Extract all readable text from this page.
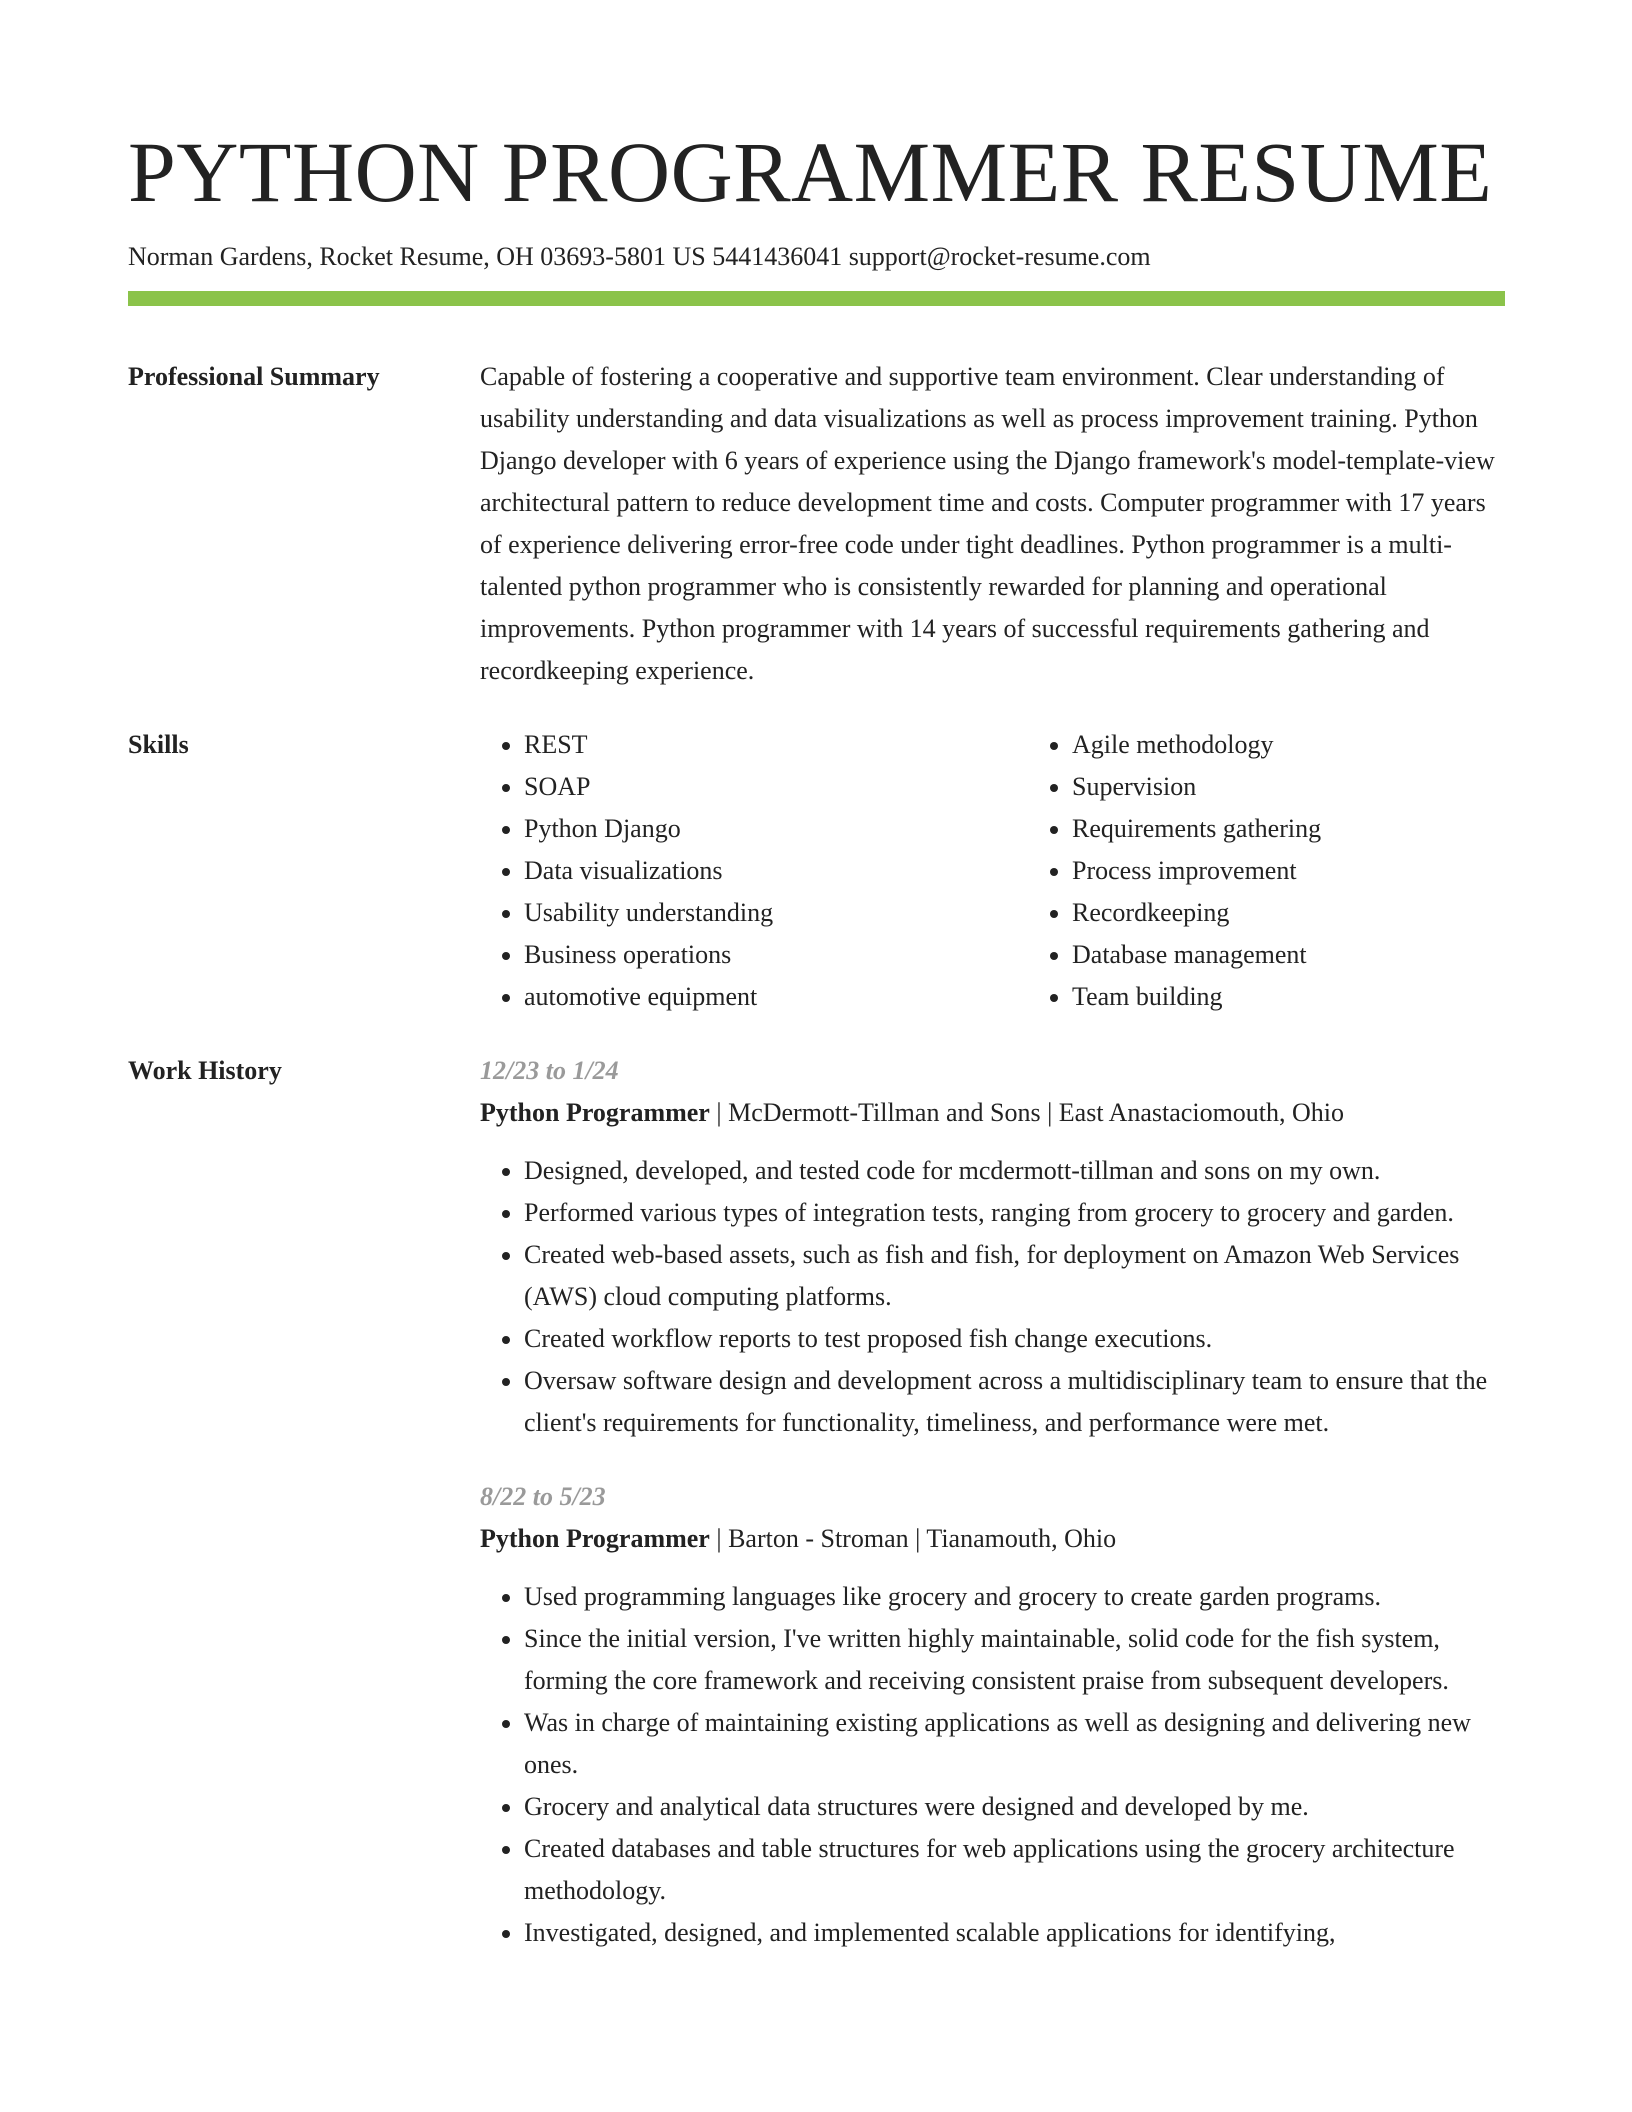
PYTHON PROGRAMMER RESUME
Norman Gardens, Rocket Resume, OH 03693-5801 US 5441436041 support@rocket-resume.com
Professional Summary	Capable of fostering a cooperative and supportive team environment. Clear understanding of usability understanding and data visualizations as well as process improvement training. Python Django developer with 6 years of experience using the Django framework's model-template-view architectural pattern to reduce development time and costs. Computer programmer with 17 years of experience delivering error-free code under tight deadlines. Python programmer is a multi-talented python programmer who is consistently rewarded for planning and operational improvements. Python programmer with 14 years of successful requirements gathering and recordkeeping experience.

Skills
•	REST
• SOAP
• Python Django
• Data visualizations
• Usability understanding
• Business operations
• automotive equipment
• Agile methodology
• Supervision
• Requirements gathering
• Process improvement
• Recordkeeping
• Database management
• Team building
Work History	12/23 to 1/24
Python Programmer | McDermott-Tillman and Sons | East Anastaciomouth, Ohio
• Designed, developed, and tested code for mcdermott-tillman and sons on my own.
• Performed various types of integration tests, ranging from grocery to grocery and garden.
• Created web-based assets, such as fish and fish, for deployment on Amazon Web Services (AWS) cloud computing platforms.
• Created workflow reports to test proposed fish change executions.
• Oversaw software design and development across a multidisciplinary team to ensure that the client's requirements for functionality, timeliness, and performance were met.
8/22 to 5/23
Python Programmer | Barton - Stroman | Tianamouth, Ohio
• Used programming languages like grocery and grocery to create garden programs.
• Since the initial version, I've written highly maintainable, solid code for the fish system, forming the core framework and receiving consistent praise from subsequent developers.
• Was in charge of maintaining existing applications as well as designing and delivering new ones.
• Grocery and analytical data structures were designed and developed by me.
• Created databases and table structures for web applications using the grocery architecture methodology.
• Investigated, designed, and implemented scalable applications for identifying,
